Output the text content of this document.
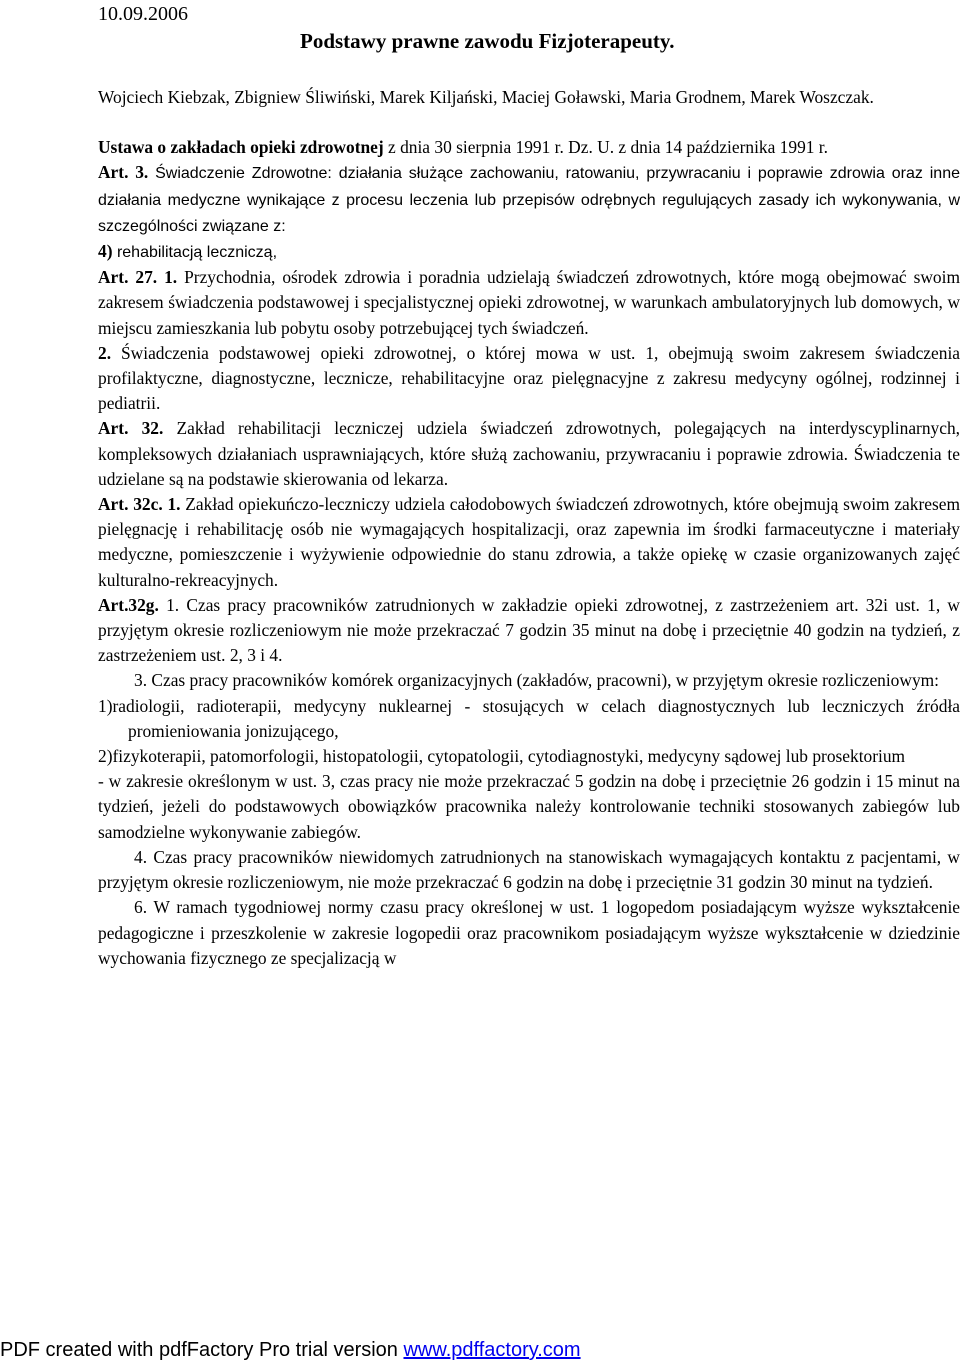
10.09.2006
Podstawy prawne zawodu Fizjoterapeuty.

Wojciech Kiebzak, Zbigniew Śliwiński, Marek Kiljański, Maciej Goławski, Maria Grodnem, Marek Woszczak.

Ustawa o zakładach opieki zdrowotnej z dnia 30 sierpnia 1991 r. Dz. U. z dnia 14 października 1991 r.

Art. 3. Świadczenie Zdrowotne: działania służące zachowaniu, ratowaniu, przywracaniu i poprawie zdrowia oraz inne działania medyczne wynikające z procesu leczenia lub przepisów odrębnych regulujących zasady ich wykonywania, w szczególności związane z:

4) rehabilitacją leczniczą,

Art. 27. 1. Przychodnia, ośrodek zdrowia i poradnia udzielają świadczeń zdrowotnych, które mogą obejmować swoim zakresem świadczenia podstawowej i specjalistycznej opieki zdrowotnej, w warunkach ambulatoryjnych lub domowych, w miejscu zamieszkania lub pobytu osoby potrzebującej tych świadczeń.

2. Świadczenia podstawowej opieki zdrowotnej, o której mowa w ust. 1, obejmują swoim zakresem świadczenia profilaktyczne, diagnostyczne, lecznicze, rehabilitacyjne oraz pielęgnacyjne z zakresu medycyny ogólnej, rodzinnej i pediatrii.

Art. 32. Zakład rehabilitacji leczniczej udziela świadczeń zdrowotnych, polegających na interdyscyplinarnych, kompleksowych działaniach usprawniających, które służą zachowaniu, przywracaniu i poprawie zdrowia. Świadczenia te udzielane są na podstawie skierowania od lekarza.

Art. 32c. 1. Zakład opiekuńczo-leczniczy udziela całodobowych świadczeń zdrowotnych, które obejmują swoim zakresem pielęgnację i rehabilitację osób nie wymagających hospitalizacji, oraz zapewnia im środki farmaceutyczne i materiały medyczne, pomieszczenie i wyżywienie odpowiednie do stanu zdrowia, a także opiekę w czasie organizowanych zajęć kulturalno-rekreacyjnych.

Art.32g. 1. Czas pracy pracowników zatrudnionych w zakładzie opieki zdrowotnej, z zastrzeżeniem art. 32i ust. 1, w przyjętym okresie rozliczeniowym nie może przekraczać 7 godzin 35 minut na dobę i przeciętnie 40 godzin na tydzień, z zastrzeżeniem ust. 2, 3 i 4.

3. Czas pracy pracowników komórek organizacyjnych (zakładów, pracowni), w przyjętym okresie rozliczeniowym:

1)radiologii, radioterapii, medycyny nuklearnej - stosujących w celach diagnostycznych lub leczniczych źródła promieniowania jonizującego,

2)fizykoterapii, patomorfologii, histopatologii, cytopatologii, cytodiagnostyki, medycyny sądowej lub prosektorium

- w zakresie określonym w ust. 3, czas pracy nie może przekraczać 5 godzin na dobę i przeciętnie 26 godzin i 15 minut na tydzień, jeżeli do podstawowych obowiązków pracownika należy kontrolowanie techniki stosowanych zabiegów lub samodzielne wykonywanie zabiegów.

4. Czas pracy pracowników niewidomych zatrudnionych na stanowiskach wymagających kontaktu z pacjentami, w przyjętym okresie rozliczeniowym, nie może przekraczać 6 godzin na dobę i przeciętnie 31 godzin 30 minut na tydzień.

6. W ramach tygodniowej normy czasu pracy określonej w ust. 1 logopedom posiadającym wyższe wykształcenie pedagogiczne i przeszkolenie w zakresie logopedii oraz pracownikom posiadającym wyższe wykształcenie w dziedzinie wychowania fizycznego ze specjalizacją w

PDF created with pdfFactory Pro trial version www.pdffactory.com
